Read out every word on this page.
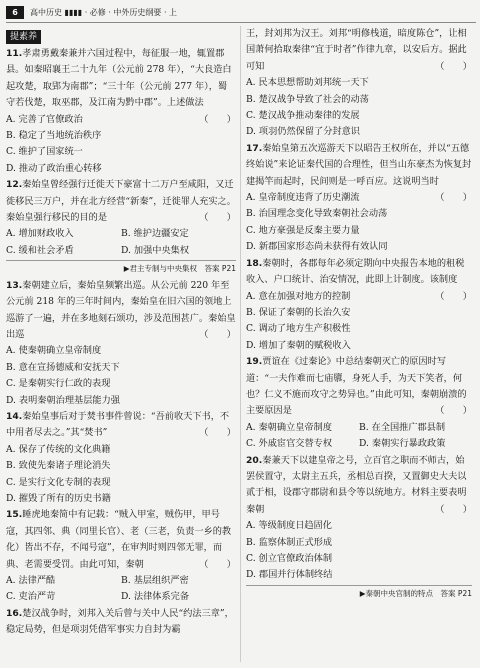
6	高中历史 ▮▮▮▮ · 必修 · 中外历史纲要 · 上
提素养

11.孝肃勇戴秦兼并六国过程中，每征服一地，辄置郡县。如秦昭襄王二十九年（公元前 278 年），“大良造白起攻楚，取郢为南郡”；“三十年（公元前 277 年），蜀守若伐楚，取巫郡，及江南为黔中郡”。上述做法
（　　）

A. 完善了官僚政治
B. 稳定了当地统治秩序
C. 维护了国家统一
D. 推动了政治重心转移

12.秦始皇曾经强行迁徙天下豪富十二万户至咸阳，又迁徙移民三万户，并在北方经营“新秦”，迁徙罪人充实之。秦始皇强行移民的目的是	（　　）

A. 增加财政收入	B. 维护边疆安定
C. 缓和社会矛盾	D. 加强中央集权
▶君主专制与中央集权　答案 P21

13.秦朝建立后，秦始皇频繁出巡。从公元前 220 年至公元前 218 年的三年时间内，秦始皇在旧六国的领地上巡游了一遍，并在多地刻石颂功，涉及范围甚广。秦始皇出巡	（　　）

A. 使秦朝确立皇帝制度
B. 意在宣扬德威和安抚天下
C. 是秦朝实行仁政的表现
D. 表明秦朝治理基层能力强

14.秦始皇事后对于焚书事件曾说：“吾前收天下书，不中用者尽去之。”其“焚书”	（　　）

A. 保存了传统的文化典籍
B. 致使先秦诸子理论消失
C. 是实行文化专制的表现
D. 摧毁了所有的历史书籍

15.睡虎地秦简中有记载：“贼入甲室，贼伤甲，甲号寇，其四邻、典（同里长官）、老（三老，负责一乡的教化）皆出不存，不闻号寇”，在审判时则四邻无罪，而典、老需要受罚。由此可知，秦朝	（　　）

A. 法律严酷	B. 基层组织严密
C. 吏治严苛	D. 法律体系完备

16.楚汉战争时，刘邦入关后曾与关中人民“约法三章”，稳定局势，但是项羽凭借军事实力自封为霸

王，封刘邦为汉王。刘邦“明修栈道，暗度陈仓”，让相国萧何拾取秦律“宜于时者”作律九章，以安后方。据此可知	（　　）

A. 民本思想帮助刘邦统一天下
B. 楚汉战争导致了社会的动荡
C. 楚汉战争推动秦律的发展
D. 项羽仍然保留了分封意识

17.秦始皇第五次巡游天下以昭告王权所在，并以“五德终始说”来论证秦代国的合理性，但当山东豪杰为恢复封建揭竿而起时，民间则是一呼百应。这说明当时
（　　）

A. 皇帝制度违背了历史潮流
B. 治国理念变化导致秦朝社会动荡
C. 地方豪强是反秦主要力量
D. 新郡国家形态尚未获得有效认同

18.秦朝时，各郡每年必须定期向中央报告本地的租税收入、户口统计、治安情况，此即上计制度。该制度
（　　）

A. 意在加强对地方的控制
B. 保证了秦朝的长治久安
C. 调动了地方生产积极性
D. 增加了秦朝的赋税收入

19.贾谊在《过秦论》中总结秦朝灭亡的原因时写道：“一夫作难而七庙隳，身死人手，为天下笑者，何也？仁义不施而攻守之势异也。”由此可知，秦朝崩溃的主要原因是	（　　）

A. 秦朝确立皇帝制度	B. 在全国推广郡县制
C. 外戚宦官交替专权	D. 秦朝实行暴政政策

20.秦兼天下以建皇帝之号，立百官之职而不师古，始罢侯置守，太尉主五兵，丞相总百揆，又置御史大夫以贰于相，设郡守郡尉和县令等以统地方。材料主要表明秦朝	（　　）

A. 等级制度日趋固化
B. 监察体制正式形成
C. 创立官僚政治体制
D. 郡国并行体制终结
▶秦朝中央官制的特点　答案 P21
